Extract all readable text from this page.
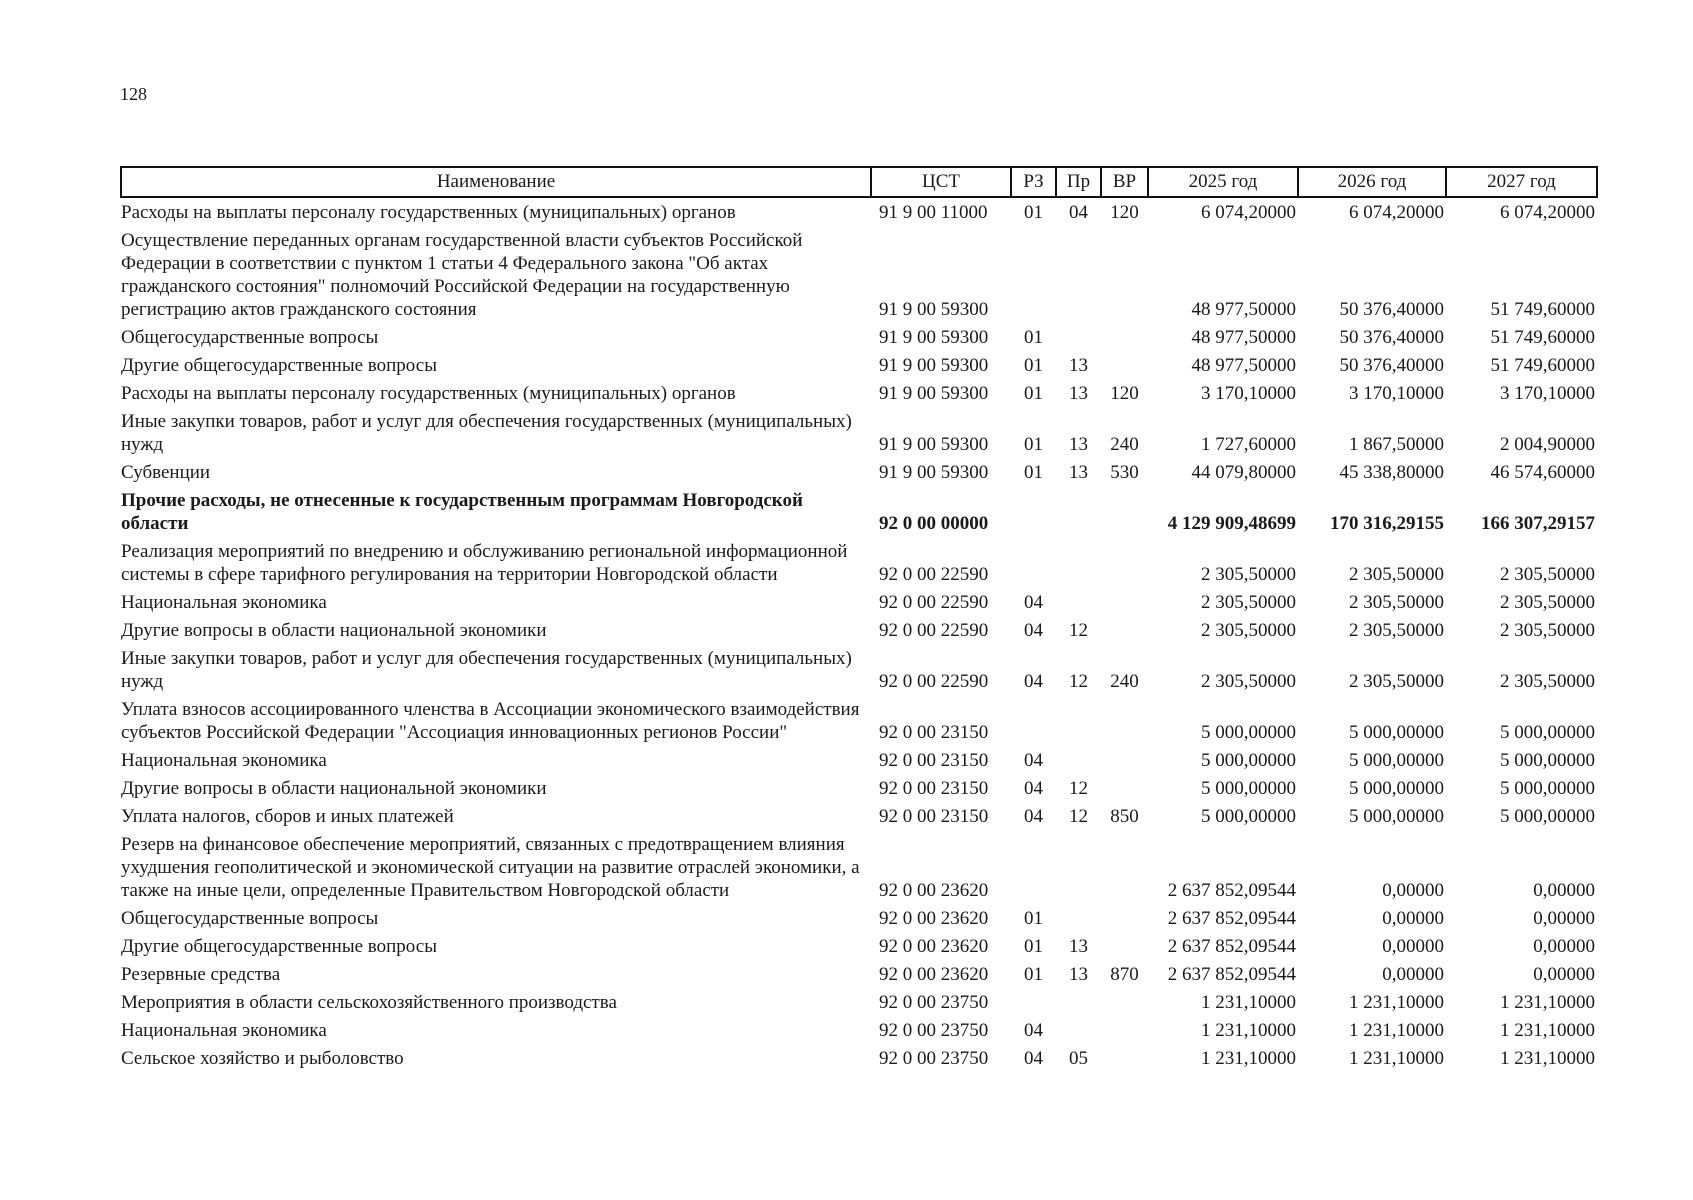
128
Наименование	ЦСТ	РЗ	Пр	ВР	2025 год	2026 год	2027 год
Расходы на выплаты персоналу государственных (муниципальных) органов	91 9 00 11000	01	04	120	6 074,20000	6 074,20000	6 074,20000
Осуществление переданных органам государственной власти субъектов Российской Федерации в соответствии с пунктом 1 статьи 4 Федерального закона "Об актах гражданского состояния" полномочий Российской Федерации на государственную регистрацию актов гражданского состояния	91 9 00 59300				48 977,50000	50 376,40000	51 749,60000
Общегосударственные вопросы	91 9 00 59300	01			48 977,50000	50 376,40000	51 749,60000
Другие общегосударственные вопросы	91 9 00 59300	01	13		48 977,50000	50 376,40000	51 749,60000
Расходы на выплаты персоналу государственных (муниципальных) органов	91 9 00 59300	01	13	120	3 170,10000	3 170,10000	3 170,10000
Иные закупки товаров, работ и услуг для обеспечения государственных (муниципальных) нужд	91 9 00 59300	01	13	240	1 727,60000	1 867,50000	2 004,90000
Субвенции	91 9 00 59300	01	13	530	44 079,80000	45 338,80000	46 574,60000
Прочие расходы, не отнесенные к государственным программам Новгородской области	92 0 00 00000				4 129 909,48699	170 316,29155	166 307,29157
Реализация мероприятий по внедрению и обслуживанию региональной информационной системы в сфере тарифного регулирования на территории Новгородской области	92 0 00 22590				2 305,50000	2 305,50000	2 305,50000
Национальная экономика	92 0 00 22590	04			2 305,50000	2 305,50000	2 305,50000
Другие вопросы в области национальной экономики	92 0 00 22590	04	12		2 305,50000	2 305,50000	2 305,50000
Иные закупки товаров, работ и услуг для обеспечения государственных (муниципальных) нужд	92 0 00 22590	04	12	240	2 305,50000	2 305,50000	2 305,50000
Уплата взносов ассоциированного членства в Ассоциации экономического взаимодействия субъектов Российской Федерации "Ассоциация инновационных регионов России"	92 0 00 23150				5 000,00000	5 000,00000	5 000,00000
Национальная экономика	92 0 00 23150	04			5 000,00000	5 000,00000	5 000,00000
Другие вопросы в области национальной экономики	92 0 00 23150	04	12		5 000,00000	5 000,00000	5 000,00000
Уплата налогов, сборов и иных платежей	92 0 00 23150	04	12	850	5 000,00000	5 000,00000	5 000,00000
Резерв на финансовое обеспечение мероприятий, связанных с предотвращением влияния ухудшения геополитической и экономической ситуации на развитие отраслей экономики, а также на иные цели, определенные Правительством Новгородской области	92 0 00 23620				2 637 852,09544	0,00000	0,00000
Общегосударственные вопросы	92 0 00 23620	01			2 637 852,09544	0,00000	0,00000
Другие общегосударственные вопросы	92 0 00 23620	01	13		2 637 852,09544	0,00000	0,00000
Резервные средства	92 0 00 23620	01	13	870	2 637 852,09544	0,00000	0,00000
Мероприятия в области сельскохозяйственного производства	92 0 00 23750				1 231,10000	1 231,10000	1 231,10000
Национальная экономика	92 0 00 23750	04			1 231,10000	1 231,10000	1 231,10000
Сельское хозяйство и рыболовство	92 0 00 23750	04	05		1 231,10000	1 231,10000	1 231,10000
